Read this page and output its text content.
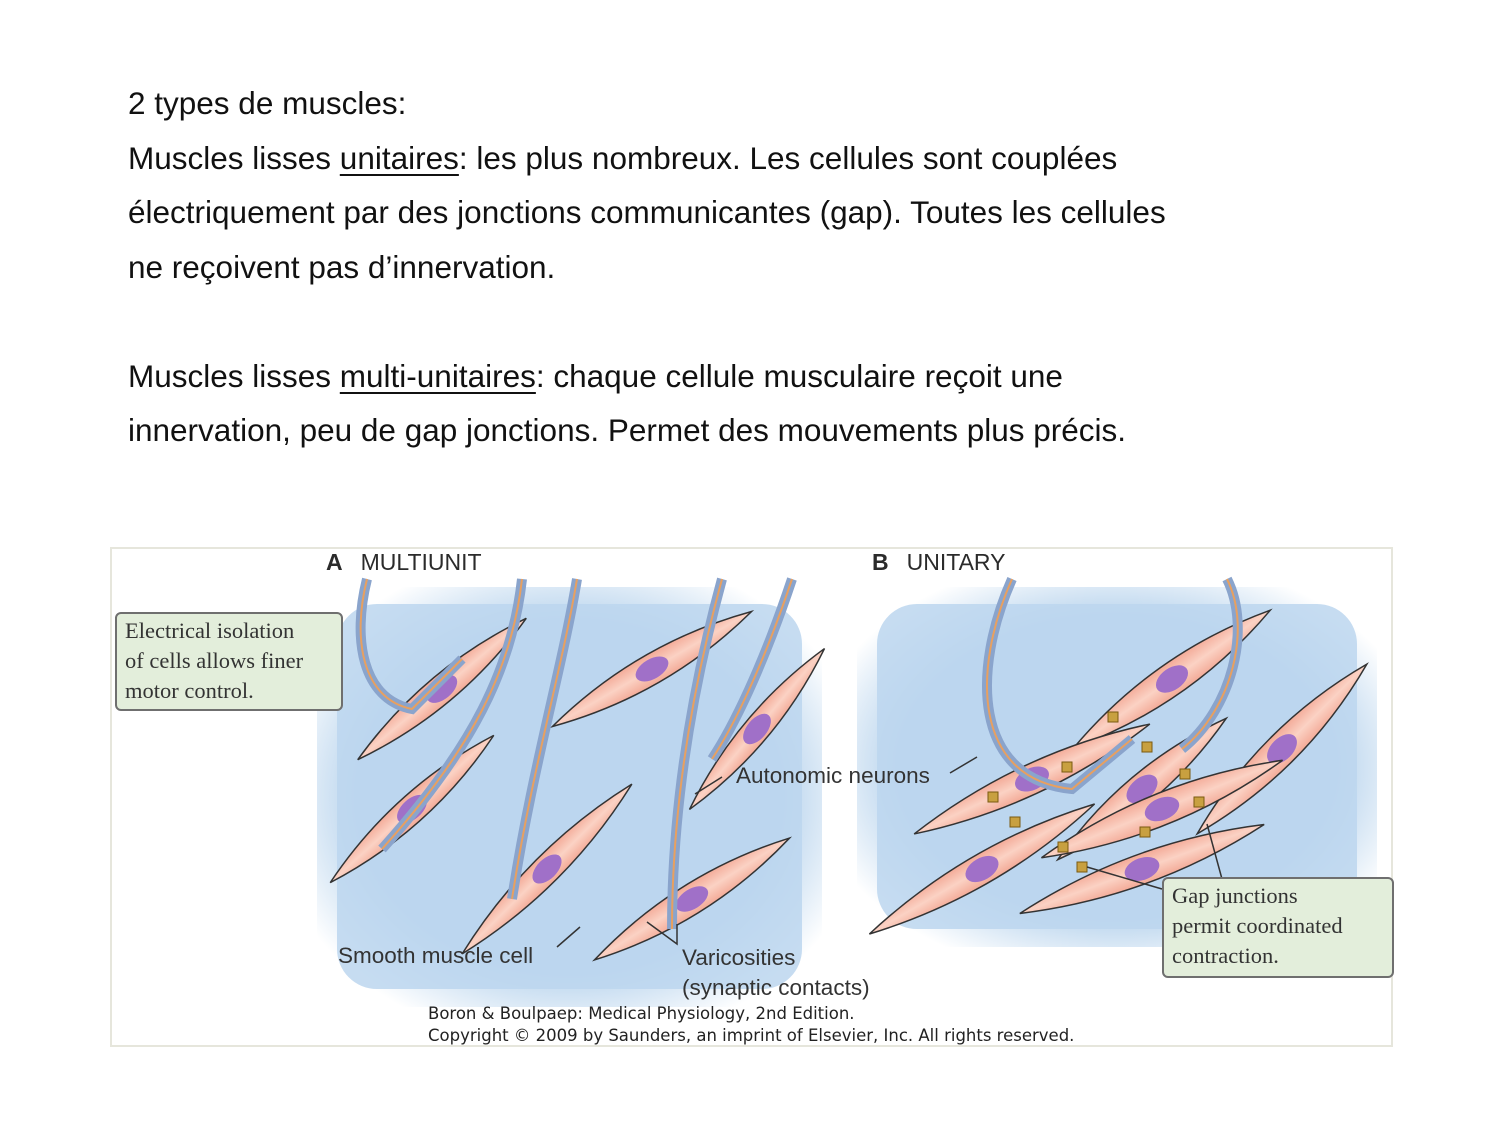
2 types de muscles:

Muscles lisses unitaires: les plus nombreux. Les cellules sont couplées

électriquement par des jonctions communicantes (gap). Toutes les cellules

ne reçoivent pas d’innervation.

Muscles lisses multi-unitaires: chaque cellule musculaire reçoit une

innervation, peu de gap jonctions. Permet des mouvements plus précis.

A MULTIUNIT	B UNITARY
Electrical isolation
of cells allows finer
motor control.
Gap junctions
permit coordinated
contraction.
Autonomic neurons
Smooth muscle cell	Varicosities
(synaptic contacts)
Boron & Boulpaep: Medical Physiology, 2nd Edition.
Copyright © 2009 by Saunders, an imprint of Elsevier, Inc. All rights reserved.
